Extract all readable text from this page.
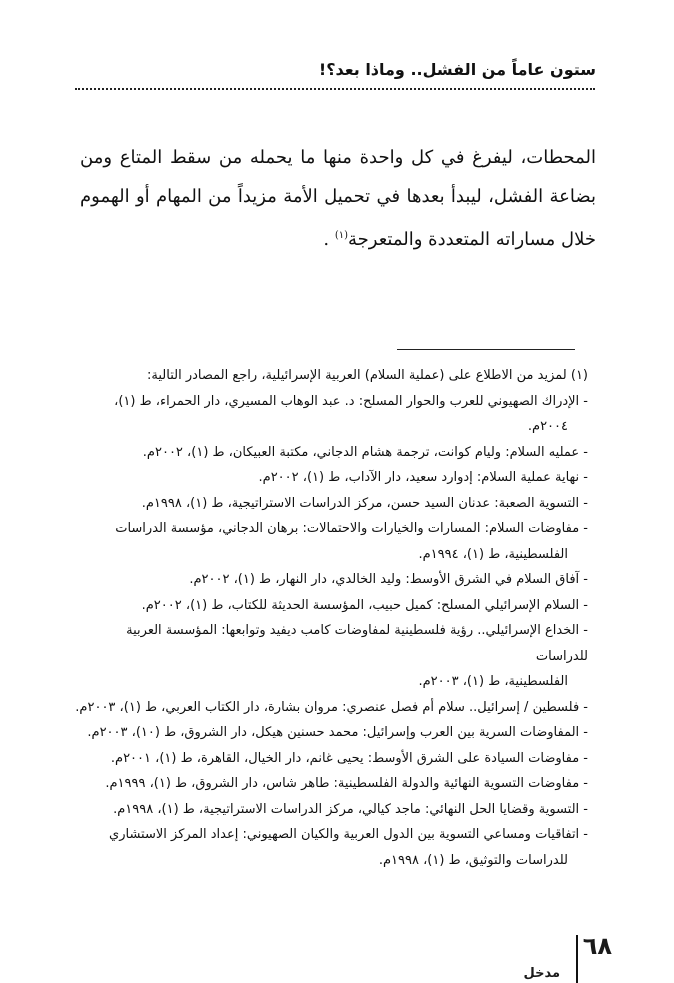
ستون عاماً من الفشل.. وماذا بعد؟!

المحطات، ليفرغ في كل واحدة منها ما يحمله من سقط المتاع ومن بضاعة الفشل، ليبدأ بعدها في تحميل الأمة مزيداً من المهام أو الهموم خلال مساراته المتعددة والمتعرجة$^{(١)}$ .

(١) لمزيد من الاطلاع على (عملية السلام) العربية الإسرائيلية، راجع المصادر التالية:
- الإدراك الصهيوني للعرب والحوار المسلح: د. عبد الوهاب المسيري، دار الحمراء، ط (١)،
٢٠٠٤م.
- عمليه السلام: وليام كوانت، ترجمة هشام الدجاني، مكتبة العبيكان، ط (١)، ٢٠٠٢م.
- نهاية عملية السلام: إدوارد سعيد، دار الآداب، ط (١)، ٢٠٠٢م.
- التسوية الصعبة: عدنان السيد حسن، مركز الدراسات الاستراتيجية، ط (١)، ١٩٩٨م.
- مفاوضات السلام: المسارات والخيارات والاحتمالات: برهان الدجاني، مؤسسة الدراسات
الفلسطينية، ط (١)، ١٩٩٤م.
- آفاق السلام في الشرق الأوسط: وليد الخالدي، دار النهار، ط (١)، ٢٠٠٢م.
- السلام الإسرائيلي المسلح: كميل حبيب، المؤسسة الحديثة للكتاب، ط (١)، ٢٠٠٢م.
- الخداع الإسرائيلي.. رؤية فلسطينية لمفاوضات كامب ديفيد وتوابعها: المؤسسة العربية للدراسات
الفلسطينية، ط (١)، ٢٠٠٣م.
- فلسطين / إسرائيل.. سلام أم فصل عنصري: مروان بشارة، دار الكتاب العربي، ط (١)، ٢٠٠٣م.
- المفاوضات السرية بين العرب وإسرائيل: محمد حسنين هيكل، دار الشروق، ط (١٠)، ٢٠٠٣م.
- مفاوضات السيادة على الشرق الأوسط: يحيى غانم، دار الخيال، القاهرة، ط (١)، ٢٠٠١م.
- مفاوضات التسوية النهائية والدولة الفلسطينية: طاهر شاس، دار الشروق، ط (١)، ١٩٩٩م.
- التسوية وقضايا الحل النهائي: ماجد كيالي، مركز الدراسات الاستراتيجية، ط (١)، ١٩٩٨م.
- اتفاقيات ومساعي التسوية بين الدول العربية والكيان الصهيوني: إعداد المركز الاستشاري
للدراسات والتوثيق، ط (١)، ١٩٩٨م.
٦٨
مدخل
